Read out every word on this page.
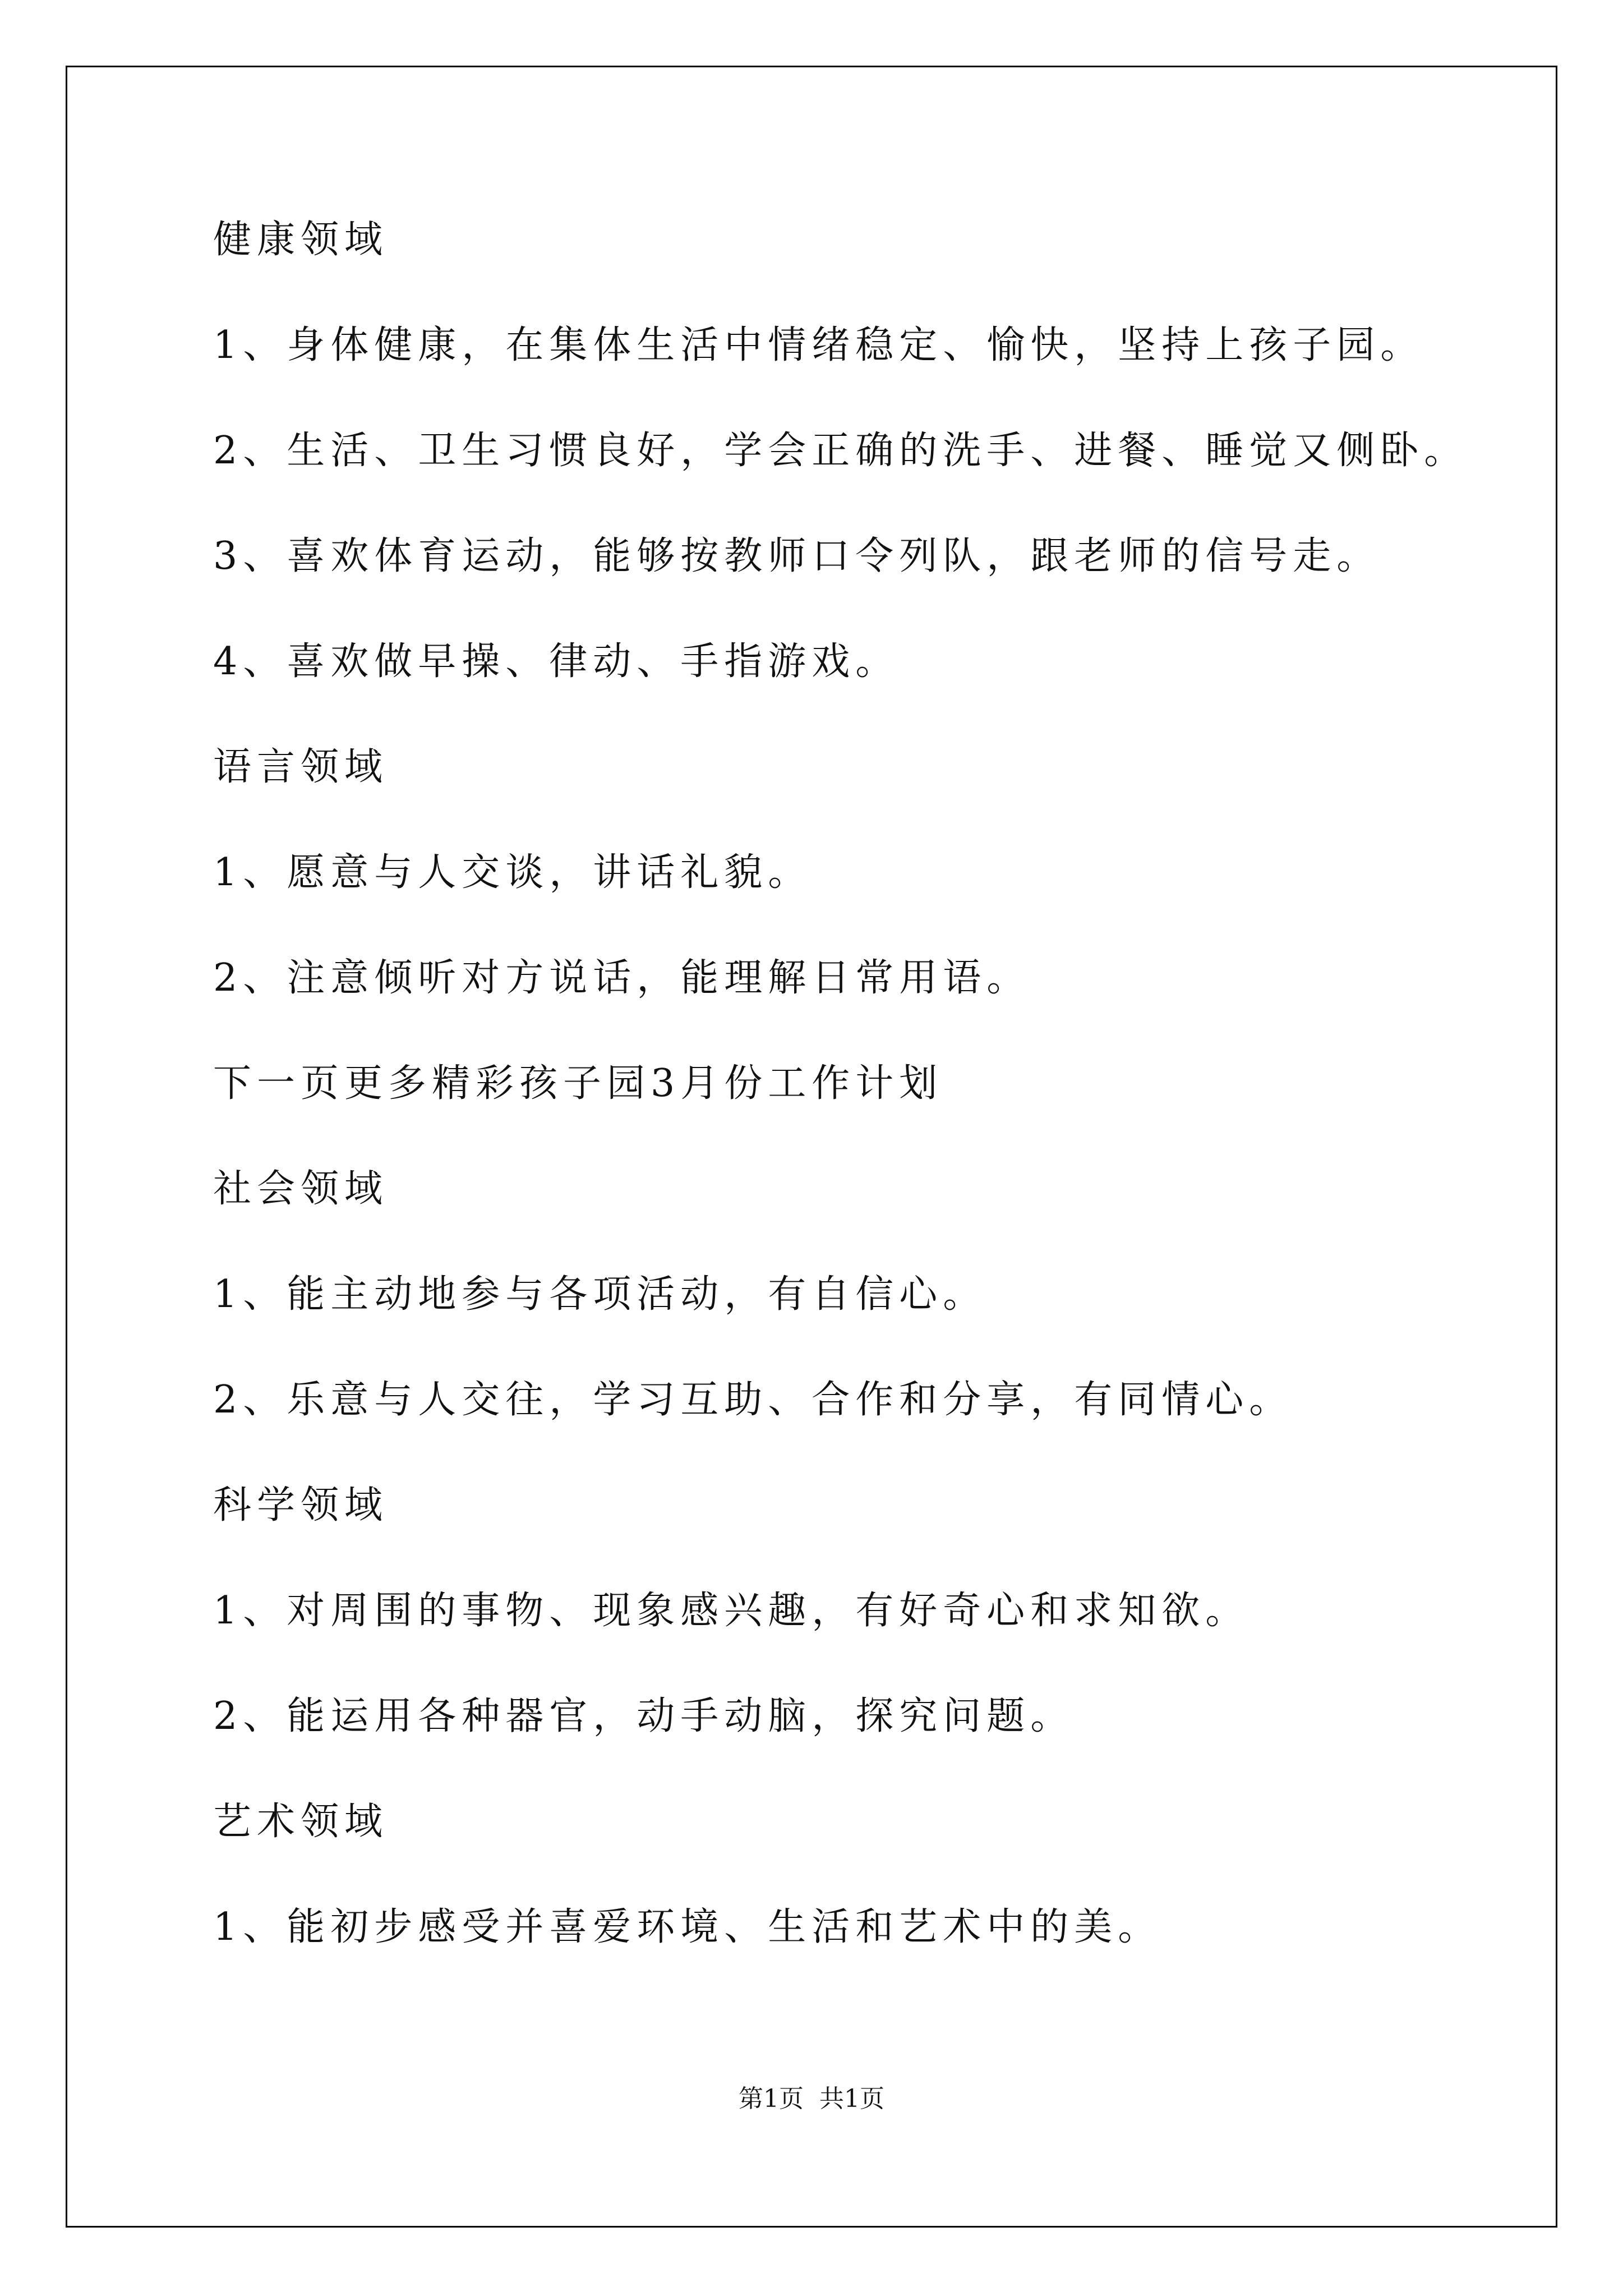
健康领域
1、身体健康，在集体生活中情绪稳定、愉快，坚持上孩子园。
2、生活、卫生习惯良好，学会正确的洗手、进餐、睡觉又侧卧。
3、喜欢体育运动，能够按教师口令列队，跟老师的信号走。
4、喜欢做早操、律动、手指游戏。
语言领域
1、愿意与人交谈，讲话礼貌。
2、注意倾听对方说话，能理解日常用语。
下一页更多精彩孩子园3月份工作计划
社会领域
1、能主动地参与各项活动，有自信心。
2、乐意与人交往，学习互助、合作和分享，有同情心。
科学领域
1、对周围的事物、现象感兴趣，有好奇心和求知欲。
2、能运用各种器官，动手动脑，探究问题。
艺术领域
1、能初步感受并喜爱环境、生活和艺术中的美。
第1页  共1页
